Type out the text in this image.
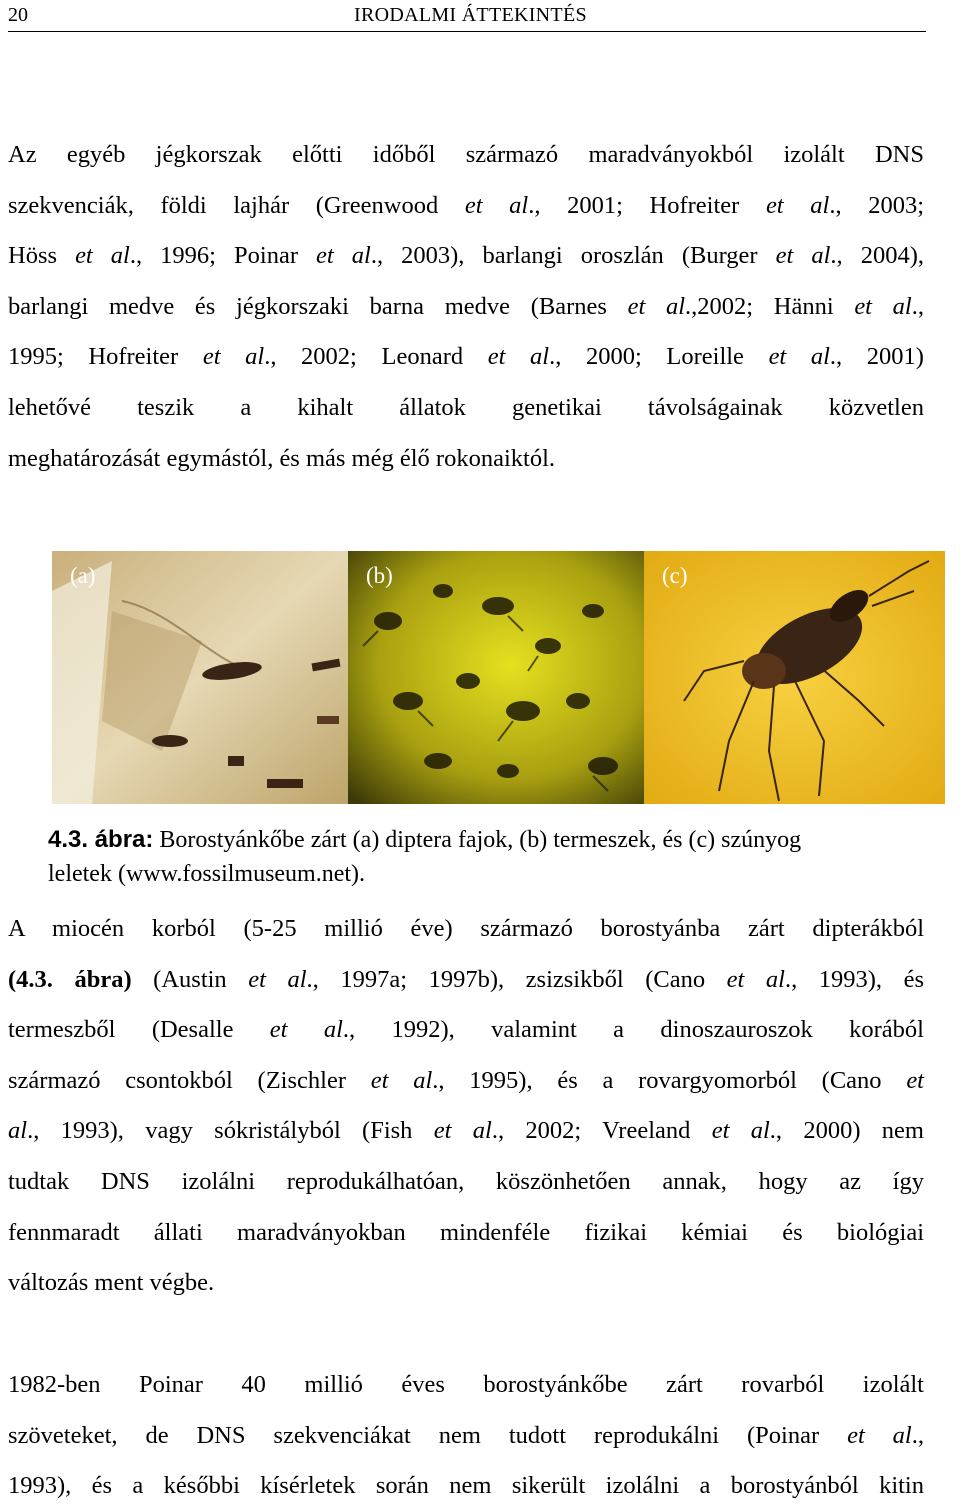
20	IRODALMI ÁTTEKINTÉS
Az egyéb jégkorszak előtti időből származó maradványokból izolált DNS
szekvenciák, földi lajhár (Greenwood et al., 2001; Hofreiter et al., 2003;
Höss et al., 1996; Poinar et al., 2003), barlangi oroszlán (Burger et al., 2004),
barlangi medve és jégkorszaki barna medve (Barnes et al.,2002; Hänni et al.,
1995; Hofreiter et al., 2002; Leonard et al., 2000; Loreille et al., 2001)
lehetővé teszik a kihalt állatok genetikai távolságainak közvetlen
meghatározását egymástól, és más még élő rokonaiktól.
(a)	(b)	(c)
4.3. ábra: Borostyánkőbe zárt (a) diptera fajok, (b) termeszek, és (c) szúnyog
leletek (www.fossilmuseum.net).
A miocén korból (5-25 millió éve) származó borostyánba zárt dipterákból
(4.3. ábra) (Austin et al., 1997a; 1997b), zsizsikből (Cano et al., 1993), és
termeszből (Desalle et al., 1992), valamint a dinoszauroszok korából
származó csontokból (Zischler et al., 1995), és a rovargyomorból (Cano et
al., 1993), vagy sókristályból (Fish et al., 2002; Vreeland et al., 2000) nem
tudtak DNS izolálni reprodukálhatóan, köszönhetően annak, hogy az így
fennmaradt állati maradványokban mindenféle fizikai kémiai és biológiai
változás ment végbe.
1982-ben Poinar 40 millió éves borostyánkőbe zárt rovarból izolált
szöveteket, de DNS szekvenciákat nem tudott reprodukálni (Poinar et al.,
1993), és a későbbi kísérletek során nem sikerült izolálni a borostyánból kitin
